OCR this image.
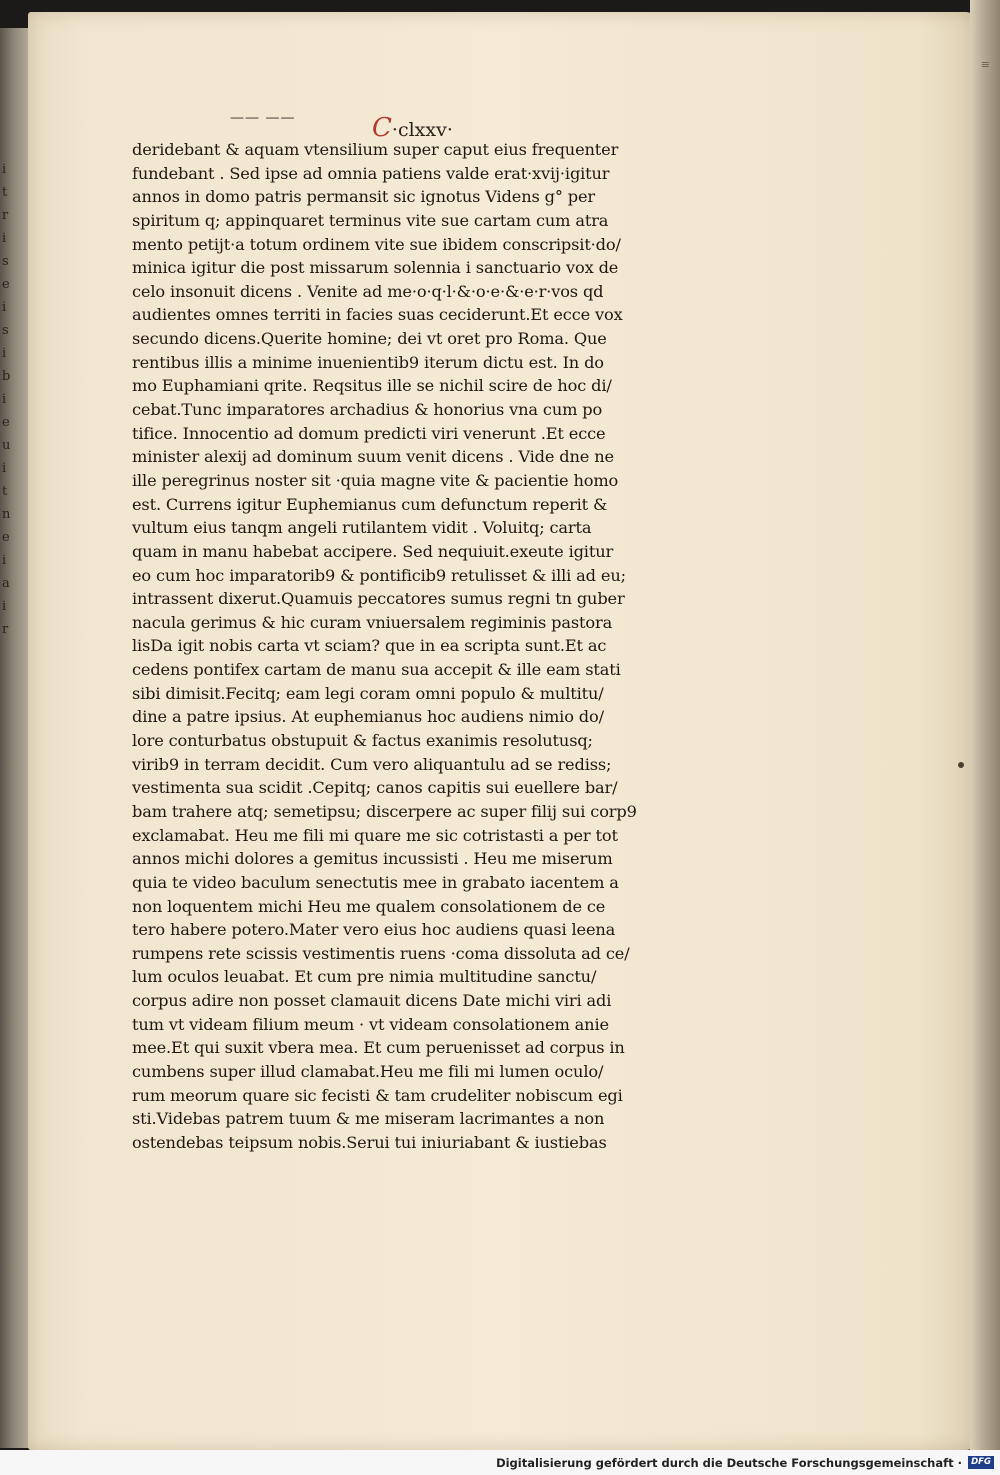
i
t
r
i
s
e
i
s
i
b
i
e
u
i
t
n
e
i
a
i
r
≡
—— ——	C·clxxv·
deridebant & aquam vtensilium super caput eius frequenter
fundebant . Sed ipse ad omnia patiens valde erat·xvij·igitur
annos in domo patris permansit sic ignotus Videns g° per
spiritum q; appinquaret terminus vite sue cartam cum atra
mento petijt·a totum ordinem vite sue ibidem conscripsit·do/
minica igitur die post missarum solennia i sanctuario vox de
celo insonuit dicens . Venite ad me·o·q·l·&·o·e·&·e·r·vos qd
audientes omnes territi in facies suas ceciderunt.Et ecce vox
secundo dicens.Querite homine; dei vt oret pro Roma. Que
rentibus illis a minime inuenientib9 iterum dictu est. In do
mo Euphamiani qrite. Reqsitus ille se nichil scire de hoc di/
cebat.Tunc imparatores archadius & honorius vna cum po
tifice. Innocentio ad domum predicti viri venerunt .Et ecce
minister alexij ad dominum suum venit dicens . Vide dne ne
ille peregrinus noster sit ·quia magne vite & pacientie homo
est. Currens igitur Euphemianus cum defunctum reperit &
vultum eius tanqm angeli rutilantem vidit . Voluitq; carta
quam in manu habebat accipere. Sed nequiuit.exeute igitur
eo cum hoc imparatorib9 & pontificib9 retulisset & illi ad eu;
intrassent dixerut.Quamuis peccatores sumus regni tn guber
nacula gerimus & hic curam vniuersalem regiminis pastora
lisDa igit nobis carta vt sciam? que in ea scripta sunt.Et ac
cedens pontifex cartam de manu sua accepit & ille eam stati
sibi dimisit.Fecitq; eam legi coram omni populo & multitu/
dine a patre ipsius. At euphemianus hoc audiens nimio do/
lore conturbatus obstupuit & factus exanimis resolutusq;
virib9 in terram decidit. Cum vero aliquantulu ad se rediss;
vestimenta sua scidit .Cepitq; canos capitis sui euellere bar/
bam trahere atq; semetipsu; discerpere ac super filij sui corp9
exclamabat. Heu me fili mi quare me sic cotristasti a per tot
annos michi dolores a gemitus incussisti . Heu me miserum
quia te video baculum senectutis mee in grabato iacentem a
non loquentem michi Heu me qualem consolationem de ce
tero habere potero.Mater vero eius hoc audiens quasi leena
rumpens rete scissis vestimentis ruens ·coma dissoluta ad ce/
lum oculos leuabat. Et cum pre nimia multitudine sanctu/
corpus adire non posset clamauit dicens Date michi viri adi
tum vt videam filium meum · vt videam consolationem anie
mee.Et qui suxit vbera mea. Et cum peruenisset ad corpus in
cumbens super illud clamabat.Heu me fili mi lumen oculo/
rum meorum quare sic fecisti & tam crudeliter nobiscum egi
sti.Videbas patrem tuum & me miseram lacrimantes a non
ostendebas teipsum nobis.Serui tui iniuriabant & iustiebas
Digitalisierung gefördert durch die Deutsche Forschungsgemeinschaft ·	DFG
